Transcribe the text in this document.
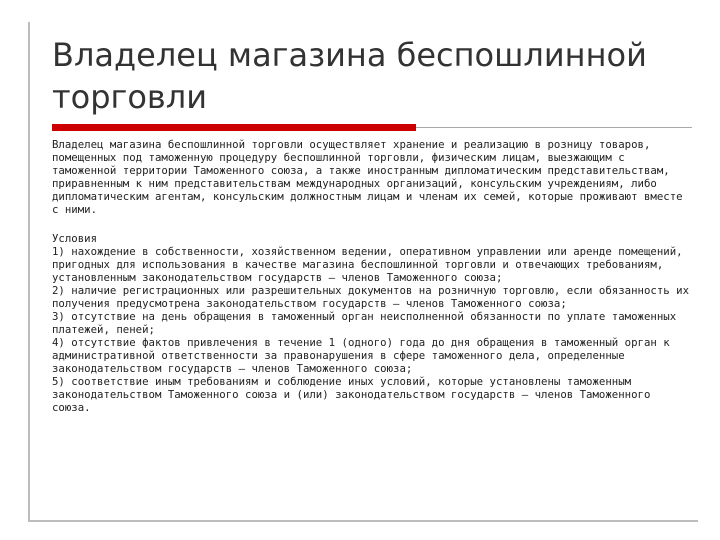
Владелец магазина беспошлинной
торговли

Владелец магазина беспошлинной торговли осуществляет хранение и реализацию в розницу товаров, помещенных под таможенную процедуру беспошлинной торговли, физическим лицам, выезжающим с таможенной территории Таможенного союза, а также иностранным дипломатическим представительствам, приравненным к ним представительствам международных организаций, консульским учреждениям, либо дипломатическим агентам, консульским должностным лицам и членам их семей, которые проживают вместе с ними.

Условия

1) нахождение в собственности, хозяйственном ведении, оперативном управлении или аренде помещений, пригодных для использования в качестве магазина беспошлинной торговли и отвечающих требованиям, установленным законодательством государств – членов Таможенного союза;

2) наличие регистрационных или разрешительных документов на розничную торговлю, если обязанность их получения предусмотрена законодательством государств – членов Таможенного союза;

3) отсутствие на день обращения в таможенный орган неисполненной обязанности по уплате таможенных платежей, пеней;

4) отсутствие фактов привлечения в течение 1 (одного) года до дня обращения в таможенный орган к административной ответственности за правонарушения в сфере таможенного дела, определенные законодательством государств – членов Таможенного союза;

5) соответствие иным требованиям и соблюдение иных условий, которые установлены таможенным законодательством Таможенного союза и (или) законодательством государств – членов Таможенного союза.
